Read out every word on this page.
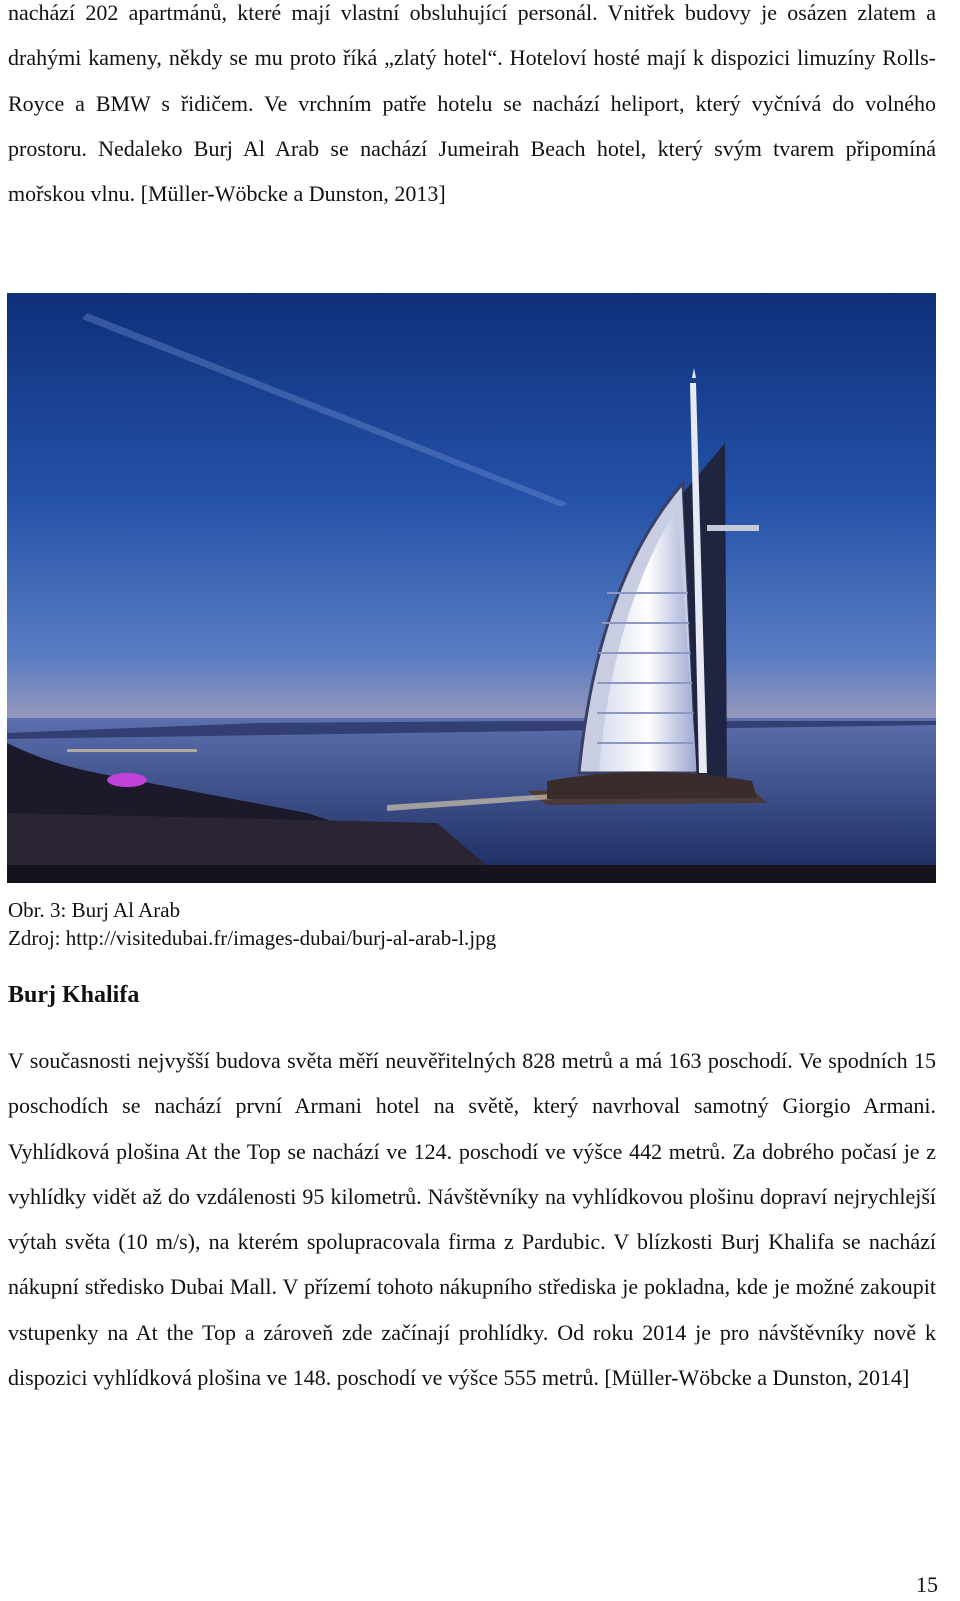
nachází 202 apartmánů, které mají vlastní obsluhující personál. Vnitřek budovy je osázen zlatem a drahými kameny, někdy se mu proto říká „zlatý hotel“. Hoteloví hosté mají k dispozici limuzíny Rolls-Royce a BMW s řidičem. Ve vrchním patře hotelu se nachází heliport, který vyčnívá do volného prostoru. Nedaleko Burj Al Arab se nachází Jumeirah Beach hotel, který svým tvarem připomíná mořskou vlnu. [Müller-Wöbcke a Dunston, 2013]

Obr. 3: Burj Al Arab

Zdroj: http://visitedubai.fr/images-dubai/burj-al-arab-l.jpg

Burj Khalifa

V současnosti nejvyšší budova světa měří neuvěřitelných 828 metrů a má 163 poschodí. Ve spodních 15 poschodích se nachází první Armani hotel na světě, který navrhoval samotný Giorgio Armani. Vyhlídková plošina At the Top se nachází ve 124. poschodí ve výšce 442 metrů. Za dobrého počasí je z vyhlídky vidět až do vzdálenosti 95 kilometrů. Návštěvníky na vyhlídkovou plošinu dopraví nejrychlejší výtah světa (10 m/s), na kterém spolupracovala firma z Pardubic. V blízkosti Burj Khalifa se nachází nákupní středisko Dubai Mall. V přízemí tohoto nákupního střediska je pokladna, kde je možné zakoupit vstupenky na At the Top a zároveň zde začínají prohlídky. Od roku 2014 je pro návštěvníky nově k dispozici vyhlídková plošina ve 148. poschodí ve výšce 555 metrů. [Müller-Wöbcke a Dunston, 2014]

15
